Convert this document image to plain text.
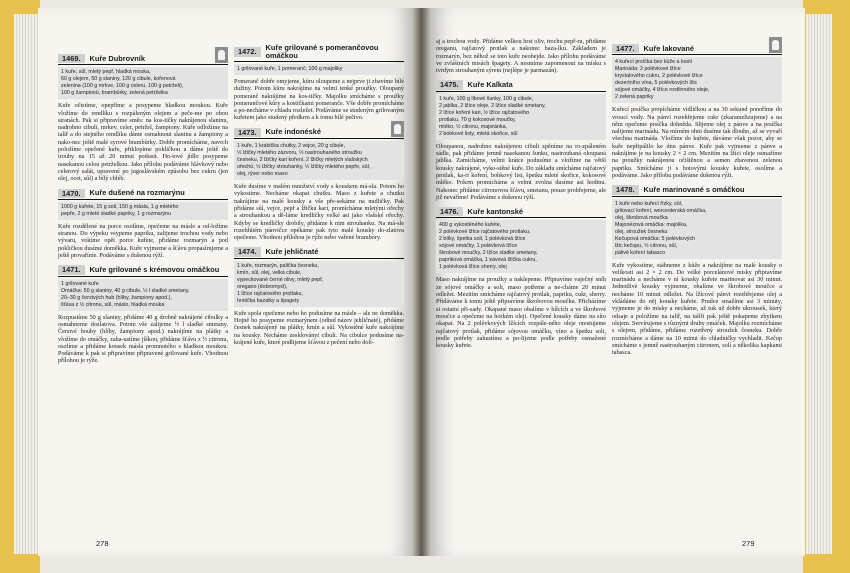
1469.	Kuře Dubrovník
1 kuře, sůl, mletý pepř, hladká mouka,
60 g olejem, 50 g slaniny, 120 g cibule, kořenová
zelenina (100 g mrkve, 100 g celeru, 100 g petrželi),
100 g žampionů, brambůrky, zelená petrželka

Kuře očistíme, opepříme a posypeme hladkou moukou. Kuře vložíme do rendlíku s rozpáleným olejem a peče-me po obou stranách. Pak si připravíme směs: na kos-tičky nakrájenou slaninu, nadrobno cibuli, mrkev, celer, petržel, žampiony. Kuře odložíme na talíř a do stejného rendlíku dáme osmahnout slaninu a žampiony a nako-nec ještě malé syrové brambůrky. Dobře promícháme, navrch položíme opečené kuře, přiklopíme pokličkou a dáme ještě do trouby na 15 až 20 minut podusit. Ho-tové jídlo posypeme nasekanou celou petrželkou. Jako přílohu podáváme hlávkový nebo celerový salát, upravené po jugoslávském způsobu bez cukru (jen olej, ocet, sůl) a bílý chléb.

1470.	Kuře dušené na rozmarýnu
1000 g kuřete, 15 g soli, 150 g másla, 1 g mletého
pepře, 2 g mleté sladké papriky, 1 g rozmarýnu

Kuře rozdělené na porce osolíme, opečeme na másle a od-ložíme stranou. Do výpeku vsypeme papriku, zalijeme trochou vody nebo vývaru, vrátíme opět porce kuřete, přidáme rozmarýn a pod pokličkou dusíme doměkka. Kuře vyjmeme a šťávu propasírujeme a ještě provaříme. Podáváme s dušenou rýží.

1471.	Kuře grilované s krémovou omáčkou
1 grilované kuře
Omáčka: 50 g slaniny, 40 g cibule, ½ l sladké smetany,
20–30 g čerstvých hub (hlíby, žampiony apod.),
šťáva z ½ citronu, sůl, máslo, hladká mouka

Rozpustíme 50 g slaniny, přidáme 40 g drobně nakrájené cibulky a osmahneme dozlatova. Potom vše zalijeme ½ l sladké smetany. Čerstvé houby (hlíby, žampiony apod.) nakrájíme na plátky a vložíme do omáčky, zaha-ustíme jíškou, přidáme šťávu z ½ citronu, osolíme a přidáme kousek másla promnutého s hladkou moukou. Podáváme k pak si připravíme připravené grilované kuře. Vhodnou přílohou je rýže.

1472.	Kuře grilované s pomerančovou omáčkou
1 grilované kuře, 1 pomeranč, 100 g majoliky

Pomeranč dobře omyjeme, kůru oloupeme a nejprve ji zbavíme bílé dužiny. Potom kůru nakrájíme na velmi tenké proužky. Oloupaný pomeranč nakrájíme na kos-tičky. Majolku smícháme s proužky pomerančové kůry a kostičkami pomeranče. Vše dobře promícháme a po-necháme v chladu rozležet. Podáváme se studeným grilovaným kuřetem jako studený předkrm a k tomu bílé pečivo.

1473.	Kuře indonéské
1 kuře, 1 krabička chutky, 2 vejce, 20 g cibule,
½ lžičky mletého zázvoru, ½ nastrouhaného stroužku
česneku, 2 lžičky kari koření, 2 lžičky mletých vlašských
ořechů, ½ lžičky strouhanky, ½ lžičky mletého pepře, sůl,
olej, rýver nebo maso

Kuře dusíme v malém množství vody s kouskem má-sla. Potom ho vykostíme. Necháme okapat chutku. Maso z kuřete a chutku nakrájíme na malé kousky a vše pře-sekáme na nudličky. Pak přidáme sůl, vejce, pepř a lžičku kari, promícháme mletými ořechy a strouhankou a dě-láme kredličky velké asi jako vlašské ořechy. Kdyby se kredličky drobily, přidáme k nim strouhanku. Na má-sle rozehřátém pánvičce opékáme pak tyto malé kousky do-zlatova opečeme. Vhodnou přílohou je rýže nebo vařené brambory.

1474.	Kuře jehličnaté
1 kuře, rozmarýn, palička česneku,
kmín, sůl, olej, velká cibule,
vypeckované černé olivy, mletý pepř,
oregano (dobromysl),
1 lžíce rajčatového protlaku,
hrstička bazalky a špagety

Kuře spola opečeme nebo ho podusíme na másle – ale ne doměkka. Hojně ho posypeme rozmarýnem (odtud název jehličnaté), přidáme česnek nakrájený na plátky, kmín a sůl. Vykostěné kuře nakrájíme na kousky. Necháme zeskloványt cibuli. Na cibulce podusíme na-krájené kuře, které podlijeme šťávou z pečení nebo dolí-

278

aj a trochou vody. Přidáme velkou hrst oliv, trochu pepř-ru, přidáme oreganu, rajčatový protlak a nakonec baza-lku. Základem je rozmarýn, bez něhož se toto kuře neobejde. Jako přílohu podáváme ve zvláštních misách špagety. A nesmíme zapomenout na mísku s tvrdým strouhaným sýrem (nejlépe je parmazán).

1475.	Kuře Kalkata
1 kuře, 100 g libové šunky, 100 g cibule,
2 jablka, 2 lžíce oleje, 2 lžíce sladké smetany,
2 lžíce koření kari, ½ lžíce rajčatového
protlaku, 70 g kokosové moučky,
mléko, ½ citronu, majoránka,
2 bobkové listy, mletá skořice, sůl

Oloupanou, nadrobno nakrájenou cibuli zpěníme na ro-zpáleném sádle, pak přidáme jemně nasekanou šunku, nastrouhaná oloupaná jablka. Zamícháme, velmi krátce podusíme a vložíme na větší kousky nakrájené, vyko-stěné kuře. Do základu smícháme rajčatový protlak, ka-ri koření, bobkový list, špetku mleté skořice, kokosové mléko. Pokrm promícháme a velmi zvolna dusíme asi hodinu. Nakonec přidáme citronovou šťávu, smetanu, pouze prohřejeme, ale již nevaříme! Podáváme s dušenou rýží.

1476.	Kuře kantonské
400 g vykostěného kuřete,
2 polévkové lžíce rajčatového protlaku,
2 bílky, špetka soli, 1 polévková lžíce
sójové omáčky, 1 polévková lžíce
škrobové moučky, 2 lžíce sladké smetany,
papriková omáčka, 1 kávová lžička cukru,
1 polévková lžíce sherry, olej

Maso nakrájíme na proužky a naklepeme. Připravíme vaječný sníh ze sójové omáčky a soli, maso potřeme a ne-cháme 20 minut odležet. Mezitím smícháme rajčatový protlak, papriku, cukr, sherry. Přidáváme k tomu ještě připravíme škrobovou moučku. Přicházíme si ostatní při-sady. Okapané maso obalíme v bílcích a ve škrobové moučce a opečeme na horkém oleji. Opečené kousky dáme na síto okapat. Na 2 polévkových lžících rozpále-ného oleje orestujeme rajčatový protlak, přidáme sójovou omáčku, víno a špetku soli, podle potřeby zahustíme a po-lijeme podle potřeby osmažené kousky kuřete.

1477.	Kuře lakované
4 kuřecí prsíčka bez kůže a kostí
Marináda: 2 polévkové lžíce
krystalového cukru, 2 polévkové lžíce
dezertního vína, 5 polévkových lžic
sójové omáčky, 4 lžíce rostlinného oleje,
2 zelená papriky

Kuřecí prsíčka propícháme vidličkou a na 30 sekund ponoříme do vroucí vody. Na pánvi rozehřejeme cukr (zkaramelizujeme) a na něm opečeme prsíčka dohněda. Slijeme olej z pánve a na prsíčka nalijeme marinádu. Na mírném ohni dusíme tak dlouho, až se vyvaří všechna marináda. Vložíme do kuřete, dáváme však pozor, aby se kuře nepřipálilo ke dnu pánve. Kuře pak vyjmeme z pánve a nakrájíme je na kousky 2 × 2 cm. Mezitím na lžíci oleje osmažíme na proužky nakrájenou očištěnou a semen zbavenou zelenou papriku. Smícháme ji s hotovými kousky kuřete, osolíme a podáváme. Jako přílohu podáváme dušenou rýži.

1478.	Kuře marinované s omáčkou
1 kuře nebo kuřecí řízky, sůl,
grilovací koření, worcesterská omáčka,
olej, škrobová moučka
Majonézová omáčka: majolika,
olej, stroužek česneku
Kečupová omáčka: 5 polévkových
lžic kečupu, ½ citronu, sůl,
pálivé koření tabasco

Kuře vykostíme, stáhneme z kůže a nakrájíme na malé kousky o velikosti asi 2 × 2 cm. Do velké porcelánové misky připravíme marinádu a necháme v ní kousky kuřete marinovat asi 30 minut. Jednotlivé kousky vyjmeme, obalíme ve škrobové moučce a necháme 10 minut odležet. Na lžícové pánvi rozehřejeme olej a vkládáme do něj kousky kuřete. Prudce smažíme asi 3 minuty, vyjmeme je do misky a necháme, až tuk už dobře ukrousek, který odsaje a položíme na talíř, na talíři pak ještě pokapeme zbytkem olejem. Servírujeme s různými druhy omáček. Majolku rozmícháme s olejem, přidáme, přidáme rozetřený stroužek česneku. Dobře rozmícháme a dáme na 10 minut do chladničky vychladit. Kečup smícháme s jemně nastrouhaným citronem, solí a několika kapkami tabasca.

279
